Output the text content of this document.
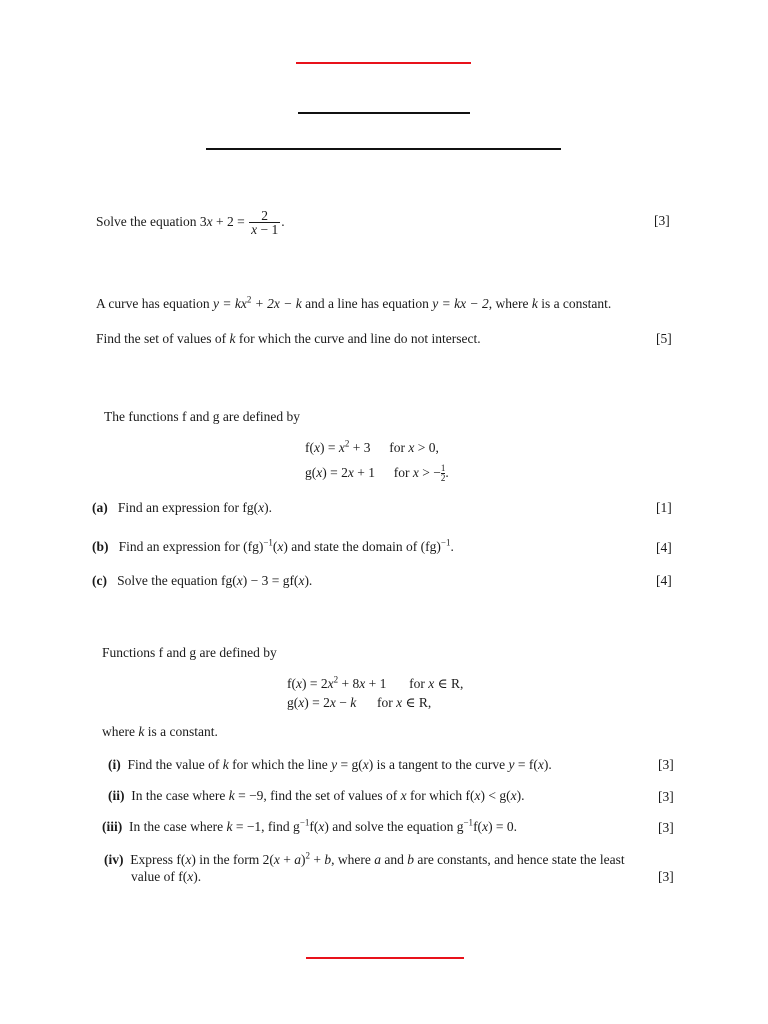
Solve the equation $3x + 2 = \frac{2}{x - 1}$ .	[3]
A curve has equation $y = kx^2 + 2x - k$ and a line has equation y = kx − 2, where k is a constant.
Find the set of values of k for which the curve and line do not intersect.	[5]
The functions f and g are defined by
$f(x) = x^2 + 3$ for x > 0,
g(x) = 2x + 1 for x > − $\frac{1}{2}$ .
(a) Find an expression for fg(x).	[1]
(b) Find an expression for (fg)$^{-1}$(x) and state the domain of (fg)$^{-1}$.	[4]
(c) Solve the equation fg(x) − 3 = gf(x).	[4]
Functions f and g are defined by
$f(x) = 2x^2 + 8x + 1$ for x ∈ R,
g(x) = 2x − k for x ∈ R,
where k is a constant.
(i) Find the value of k for which the line y = g(x) is a tangent to the curve y = f(x).	[3]
(ii) In the case where k = −9, find the set of values of x for which f(x) < g(x).	[3]
(iii) In the case where k = −1, find $g^{-1}f(x)$ and solve the equation $g^{-1}f(x) = 0$.	[3]
(iv) Express f(x) in the form $2(x + a)^2 + b$, where a and b are constants, and hence state the least
value of f(x).	[3]
